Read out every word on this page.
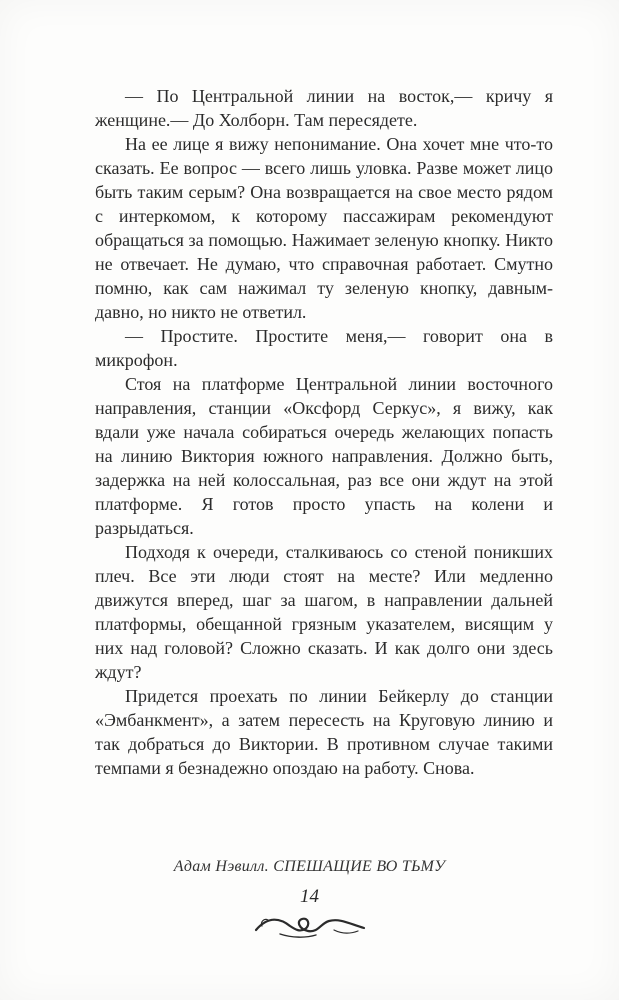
— По Центральной линии на восток,— кричу я женщине.— До Холборн. Там пересядете.

На ее лице я вижу непонимание. Она хочет мне что-то сказать. Ее вопрос — всего лишь уловка. Разве может лицо быть таким серым? Она возвращается на свое место рядом с интеркомом, к которому пассажирам рекомендуют обращаться за помощью. Нажимает зеленую кнопку. Никто не отвечает. Не думаю, что справочная работает. Смутно помню, как сам нажимал ту зеленую кнопку, давным-давно, но никто не ответил.

— Простите. Простите меня,— говорит она в микрофон.

Стоя на платформе Центральной линии восточного направления, станции «Оксфорд Серкус», я вижу, как вдали уже начала собираться очередь желающих попасть на линию Виктория южного направления. Должно быть, задержка на ней колоссальная, раз все они ждут на этой платформе. Я готов просто упасть на колени и разрыдаться.

Подходя к очереди, сталкиваюсь со стеной поникших плеч. Все эти люди стоят на месте? Или медленно движутся вперед, шаг за шагом, в направлении дальней платформы, обещанной грязным указателем, висящим у них над головой? Сложно сказать. И как долго они здесь ждут?

Придется проехать по линии Бейкерлу до станции «Эмбанкмент», а затем пересесть на Круговую линию и так добраться до Виктории. В противном случае такими темпами я безнадежно опоздаю на работу. Снова.

Адам Нэвилл. СПЕШАЩИЕ ВО ТЬМУ
14
